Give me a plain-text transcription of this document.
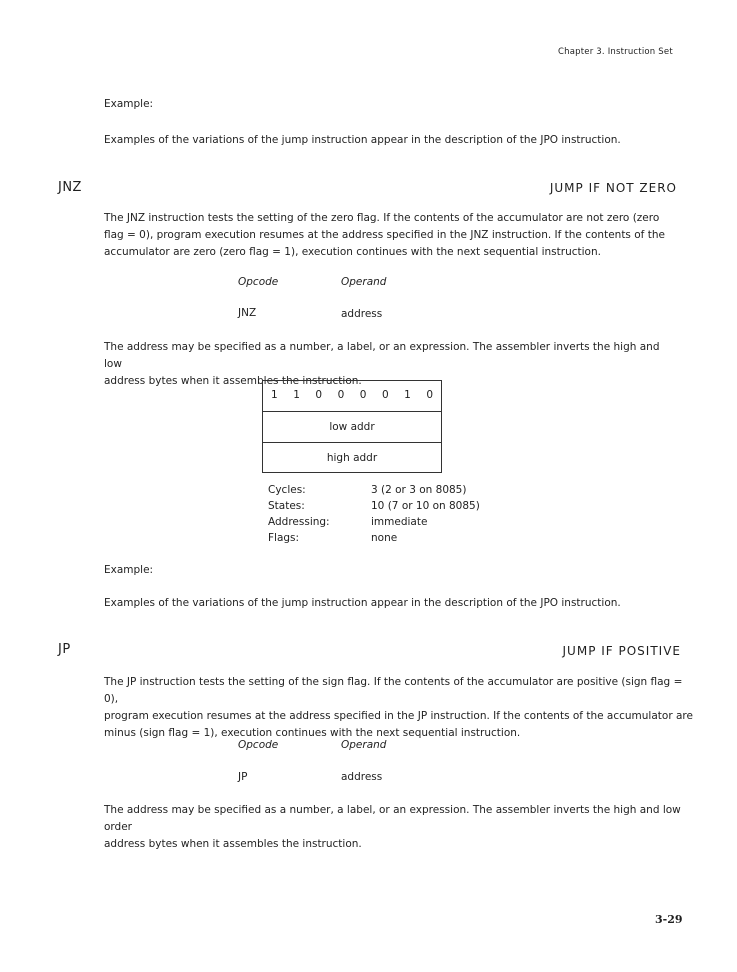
Chapter 3. Instruction Set
Example:
Examples of the variations of the jump instruction appear in the description of the JPO instruction.
JNZ	JUMP IF NOT ZERO
The JNZ instruction tests the setting of the zero flag. If the contents of the accumulator are not zero (zero
flag = 0), program execution resumes at the address specified in the JNZ instruction. If the contents of the
accumulator are zero (zero flag = 1), execution continues with the next sequential instruction.
Opcode	Operand
JNZ	address
The address may be specified as a number, a label, or an expression. The assembler inverts the high and low
address bytes when it assembles the instruction.
1 1 0 0 0 0 1 0
low addr
high addr
Cycles:	3 (2 or 3 on 8085)
States:	10 (7 or 10 on 8085)
Addressing:	immediate
Flags:	none
Example:
Examples of the variations of the jump instruction appear in the description of the JPO instruction.
JP	JUMP IF POSITIVE
The JP instruction tests the setting of the sign flag. If the contents of the accumulator are positive (sign flag = 0),
program execution resumes at the address specified in the JP instruction. If the contents of the accumulator are
minus (sign flag = 1), execution continues with the next sequential instruction.
Opcode	Operand
JP	address
The address may be specified as a number, a label, or an expression. The assembler inverts the high and low order
address bytes when it assembles the instruction.
3-29
